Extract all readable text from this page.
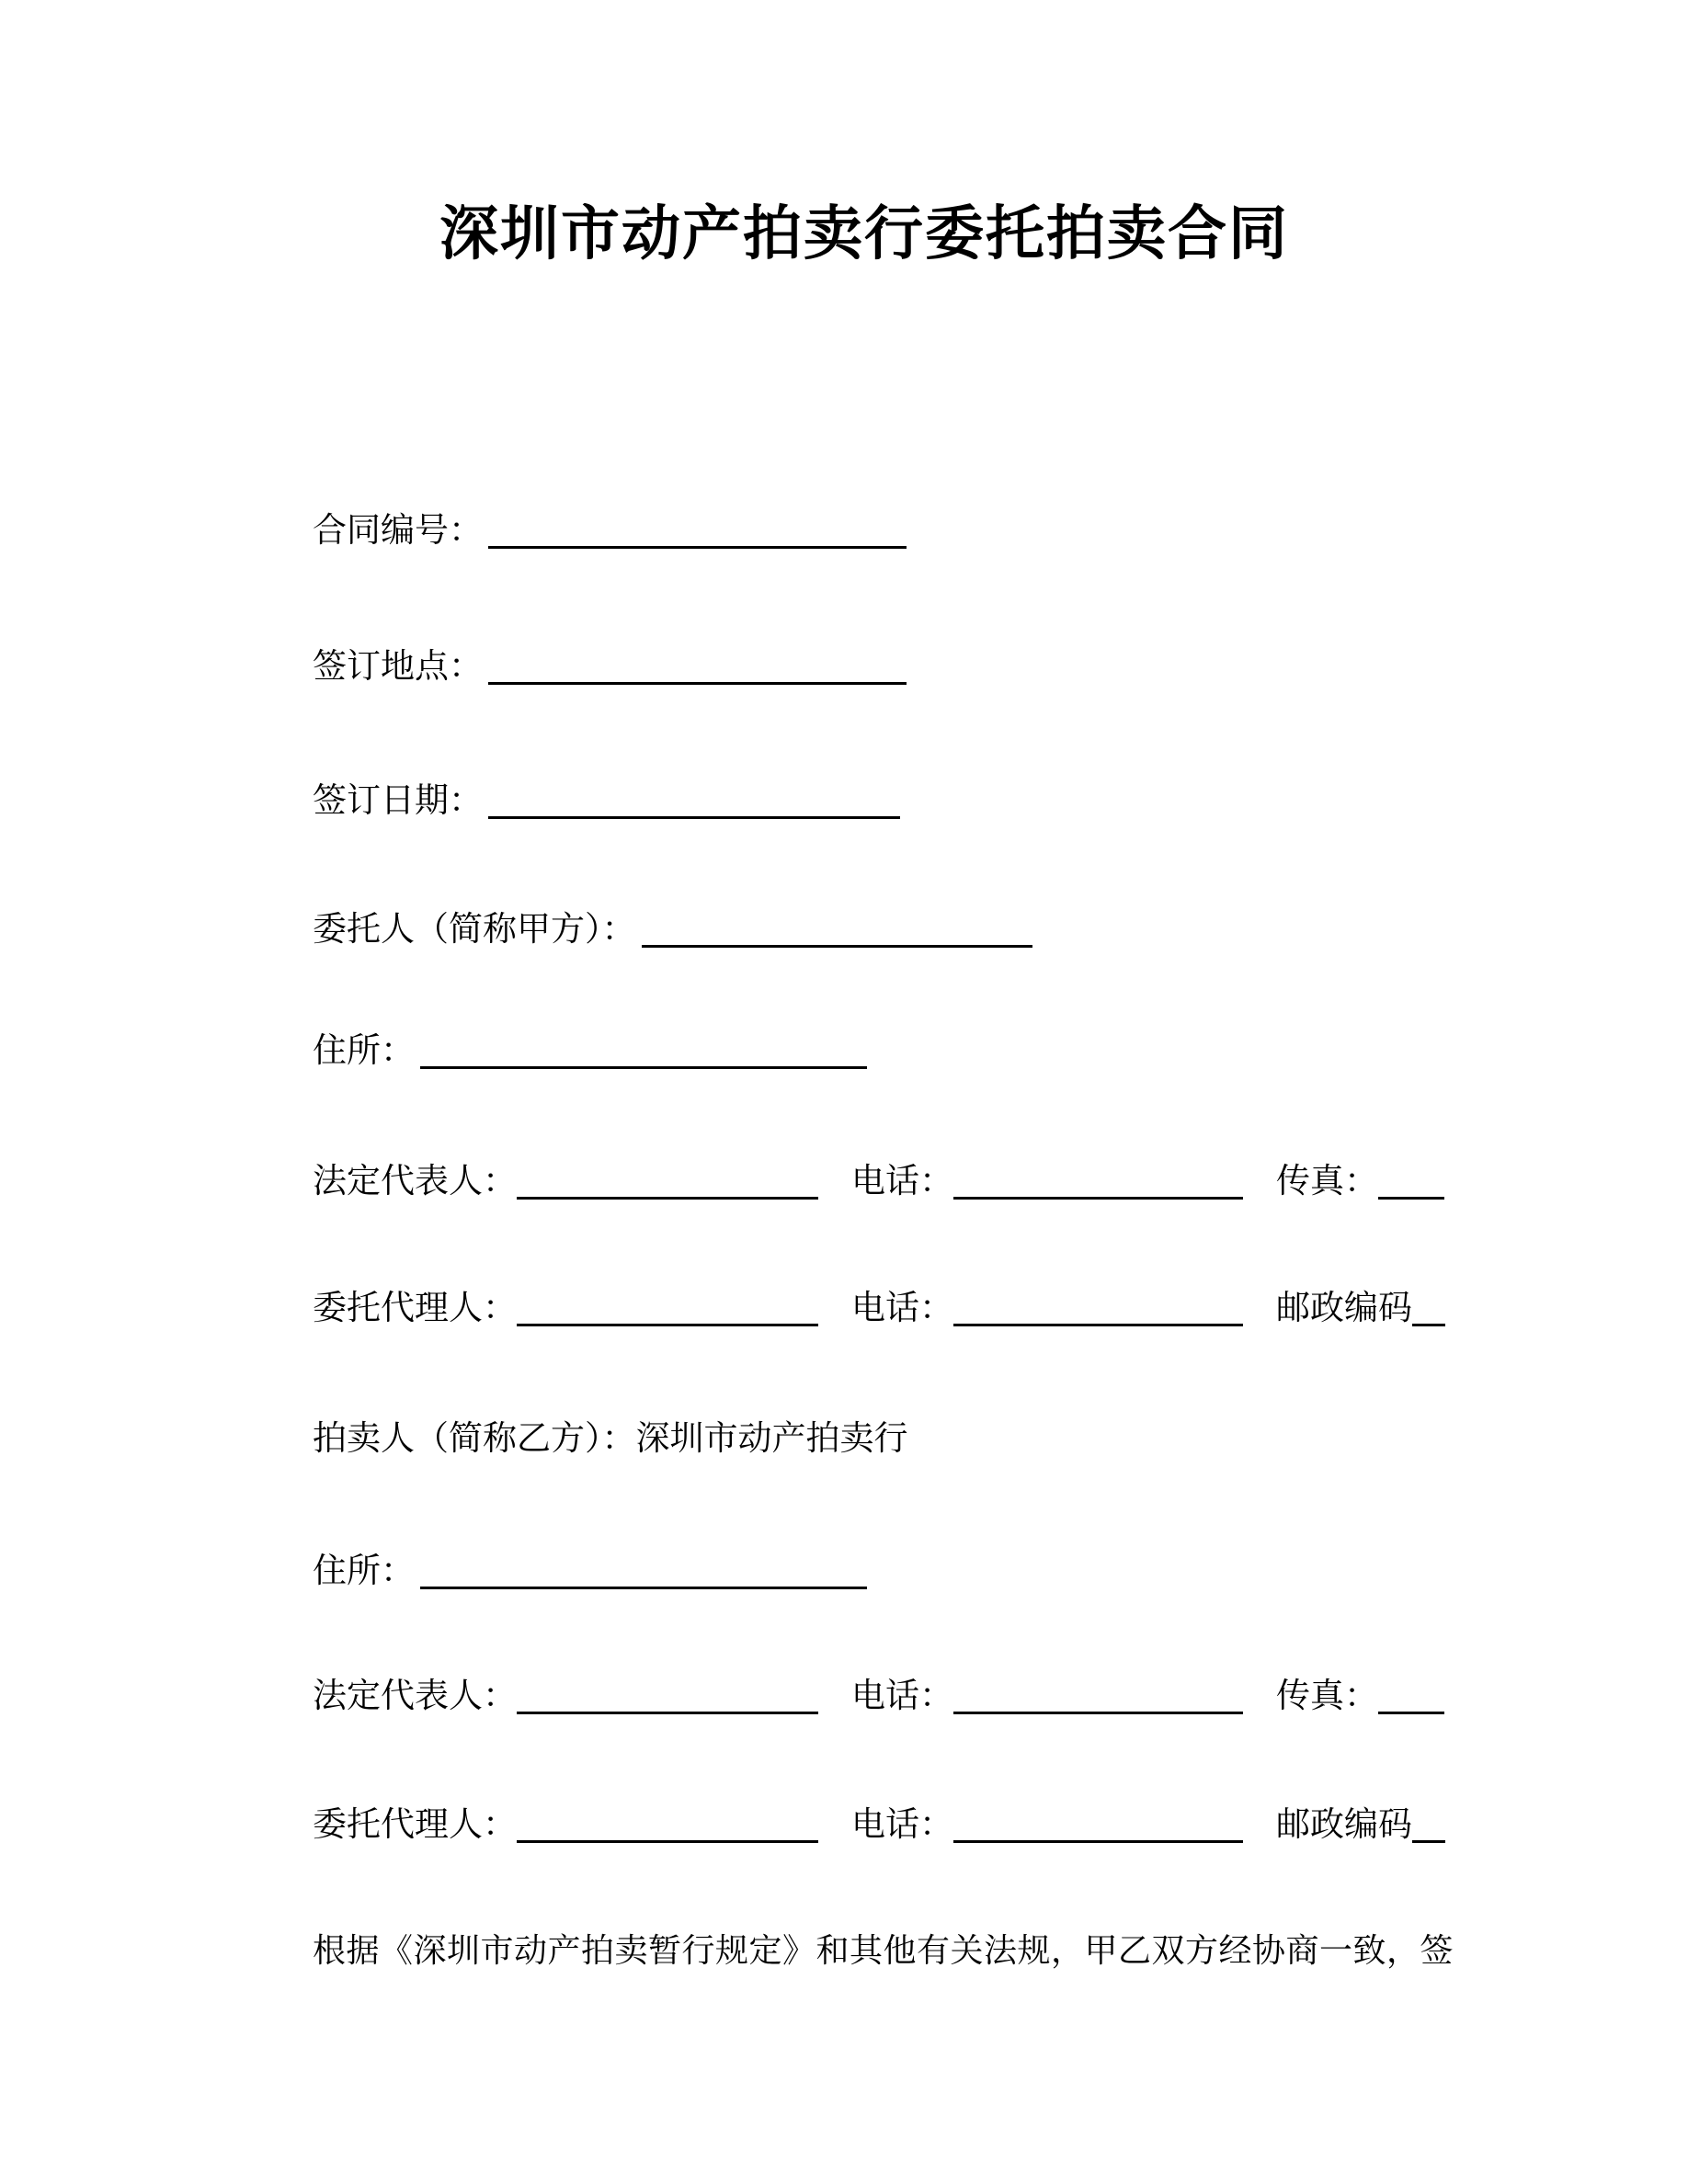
深圳市动产拍卖行委托拍卖合同
合同编号：
签订地点：
签订日期：
委托人（简称甲方）：
住所：
法定代表人：	电话：	传真：
委托代理人：	电话：	邮政编码
拍卖人（简称乙方）：深圳市动产拍卖行
住所：
法定代表人：	电话：	传真：
委托代理人：	电话：	邮政编码
根据《深圳市动产拍卖暂行规定》和其他有关法规，甲乙双方经协商一致，签
